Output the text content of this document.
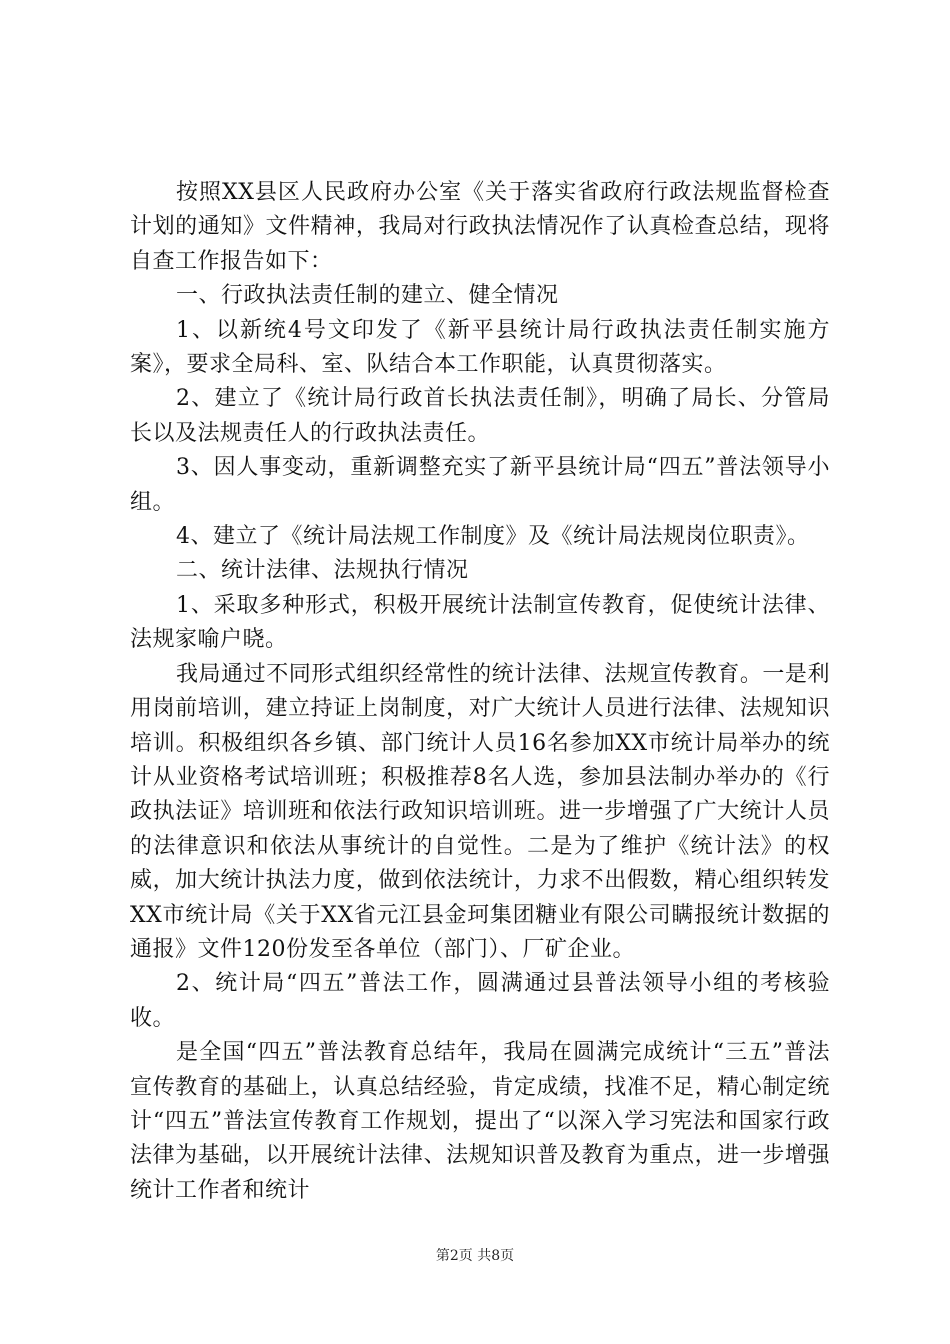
按照XX县区人民政府办公室《关于落实省政府行政法规监督检查计划的通知》文件精神，我局对行政执法情况作了认真检查总结，现将自查工作报告如下：

一、行政执法责任制的建立、健全情况

1、以新统4号文印发了《新平县统计局行政执法责任制实施方案》，要求全局科、室、队结合本工作职能，认真贯彻落实。

2、建立了《统计局行政首长执法责任制》，明确了局长、分管局长以及法规责任人的行政执法责任。

3、因人事变动，重新调整充实了新平县统计局“四五”普法领导小组。

4、建立了《统计局法规工作制度》及《统计局法规岗位职责》。

二、统计法律、法规执行情况

1、采取多种形式，积极开展统计法制宣传教育，促使统计法律、法规家喻户晓。

我局通过不同形式组织经常性的统计法律、法规宣传教育。一是利用岗前培训，建立持证上岗制度，对广大统计人员进行法律、法规知识培训。积极组织各乡镇、部门统计人员16名参加XX市统计局举办的统计从业资格考试培训班；积极推荐8名人选，参加县法制办举办的《行政执法证》培训班和依法行政知识培训班。进一步增强了广大统计人员的法律意识和依法从事统计的自觉性。二是为了维护《统计法》的权威，加大统计执法力度，做到依法统计，力求不出假数，精心组织转发XX市统计局《关于XX省元江县金珂集团糖业有限公司瞒报统计数据的通报》文件120份发至各单位（部门）、厂矿企业。

2、统计局“四五”普法工作，圆满通过县普法领导小组的考核验收。

是全国“四五”普法教育总结年，我局在圆满完成统计“三五”普法宣传教育的基础上，认真总结经验，肯定成绩，找准不足，精心制定统计“四五”普法宣传教育工作规划，提出了“以深入学习宪法和国家行政法律为基础，以开展统计法律、法规知识普及教育为重点，进一步增强统计工作者和统计

第2页 共8页
